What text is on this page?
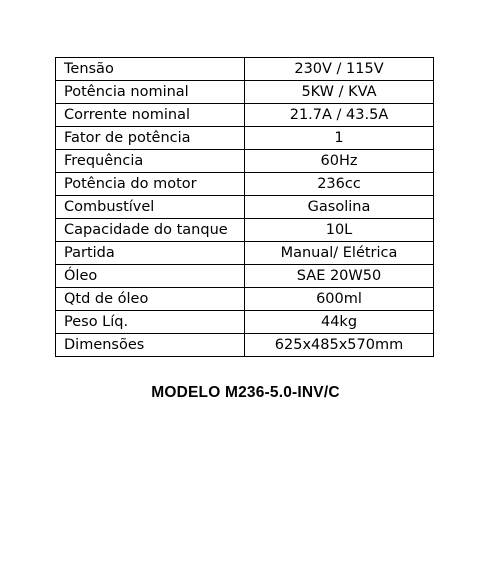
Tensão	230V / 115V
Potência nominal	5KW / KVA
Corrente nominal	21.7A / 43.5A
Fator de potência	1
Frequência	60Hz
Potência do motor	236cc
Combustível	Gasolina
Capacidade do tanque	10L
Partida	Manual/ Elétrica
Óleo	SAE 20W50
Qtd de óleo	600ml
Peso Líq.	44kg
Dimensões	625x485x570mm
MODELO M236-5.0-INV/C
